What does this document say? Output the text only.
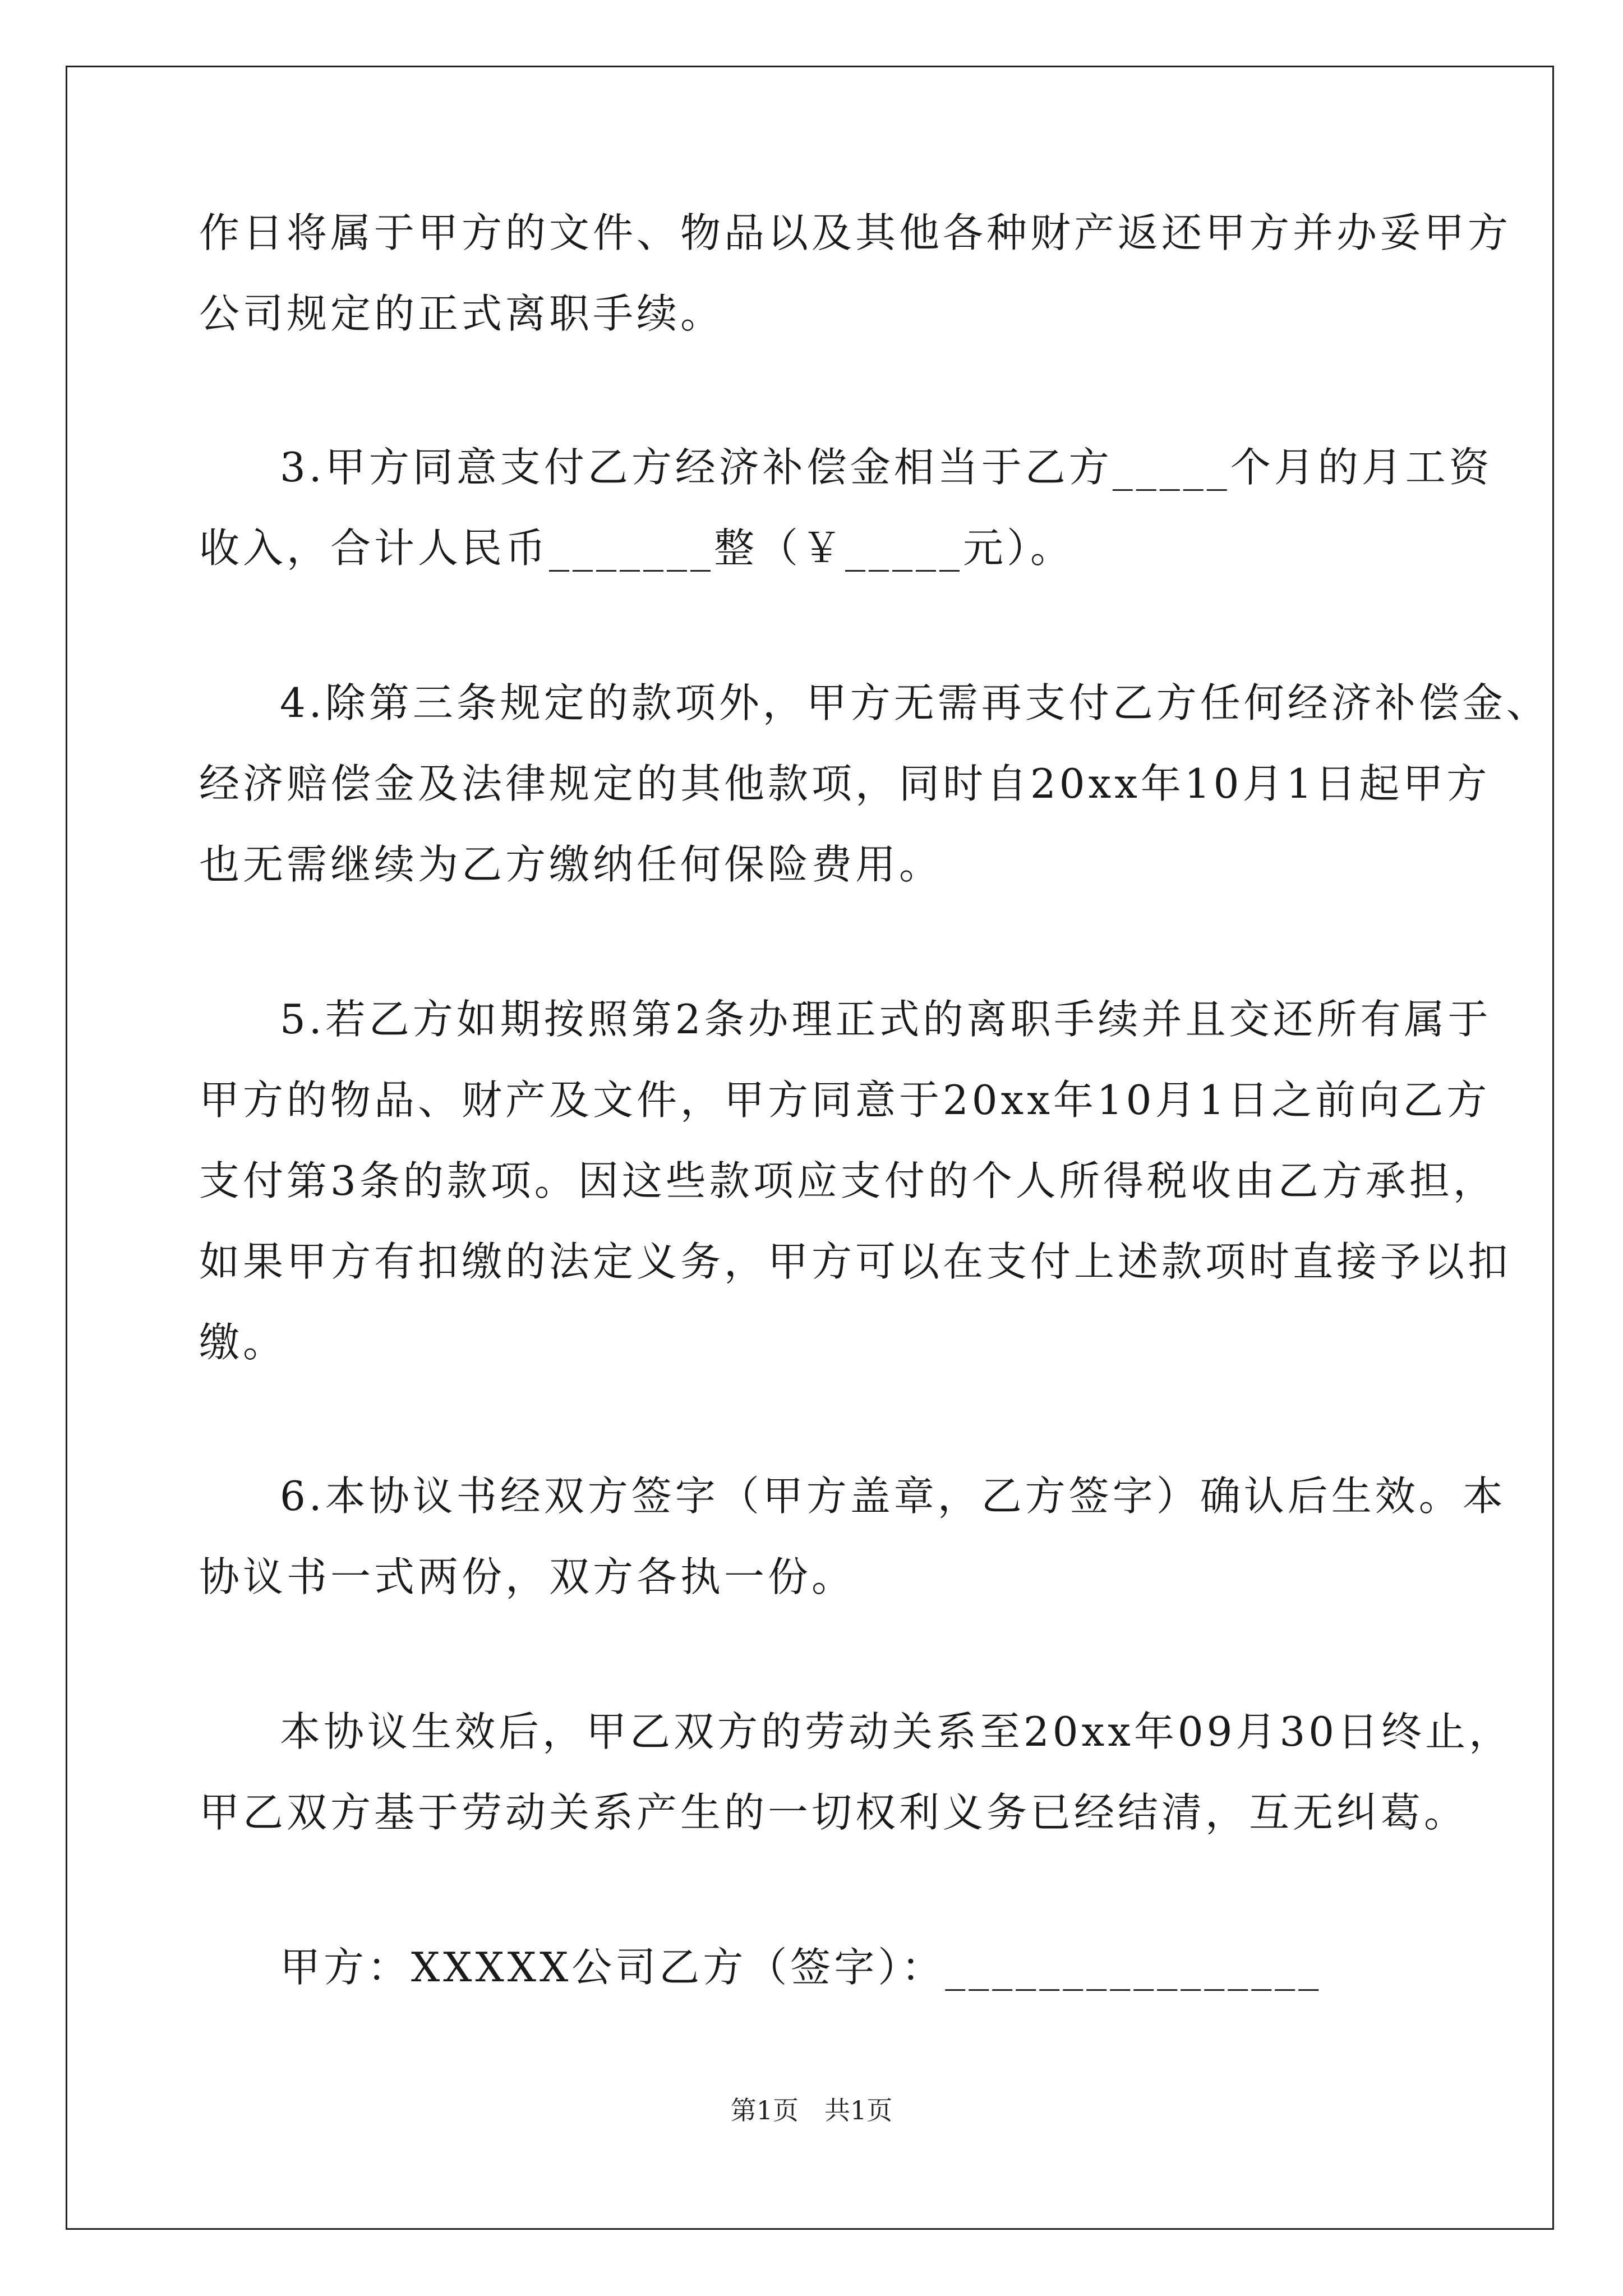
作日将属于甲方的文件、物品以及其他各种财产返还甲方并办妥甲方
公司规定的正式离职手续。
3.甲方同意支付乙方经济补偿金相当于乙方_____个月的月工资
收入，合计人民币_______整（￥_____元）。
4.除第三条规定的款项外，甲方无需再支付乙方任何经济补偿金、
经济赔偿金及法律规定的其他款项，同时自20xx年10月1日起甲方
也无需继续为乙方缴纳任何保险费用。
5.若乙方如期按照第2条办理正式的离职手续并且交还所有属于
甲方的物品、财产及文件，甲方同意于20xx年10月1日之前向乙方
支付第3条的款项。因这些款项应支付的个人所得税收由乙方承担，
如果甲方有扣缴的法定义务，甲方可以在支付上述款项时直接予以扣
缴。
6.本协议书经双方签字（甲方盖章，乙方签字）确认后生效。本
协议书一式两份，双方各执一份。
本协议生效后，甲乙双方的劳动关系至20xx年09月30日终止，
甲乙双方基于劳动关系产生的一切权利义务已经结清，互无纠葛。
甲方：XXXXX公司乙方（签字）：________________
第1页　共1页
